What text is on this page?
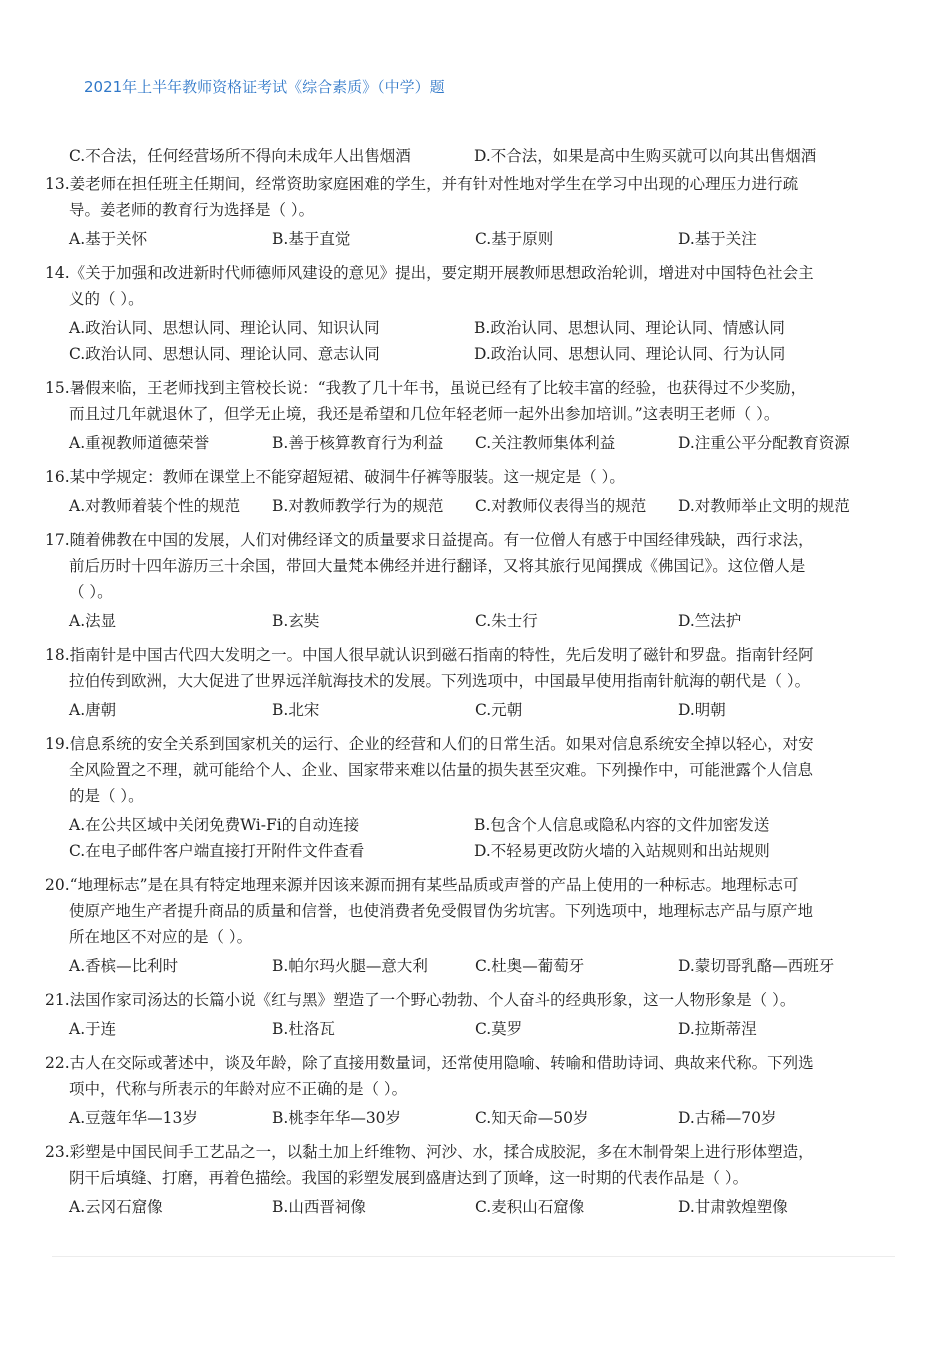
2021年上半年教师资格证考试《综合素质》（中学）题
C.不合法，任何经营场所不得向未成年人出售烟酒	D.不合法，如果是高中生购买就可以向其出售烟酒
13.姜老师在担任班主任期间，经常资助家庭困难的学生，并有针对性地对学生在学习中出现的心理压力进行疏
导。姜老师的教育行为选择是（ ）。
A.基于关怀	B.基于直觉	C.基于原则	D.基于关注
14.《关于加强和改进新时代师德师风建设的意见》提出，要定期开展教师思想政治轮训，增进对中国特色社会主
义的（ ）。
A.政治认同、思想认同、理论认同、知识认同	B.政治认同、思想认同、理论认同、情感认同
C.政治认同、思想认同、理论认同、意志认同	D.政治认同、思想认同、理论认同、行为认同
15.暑假来临，王老师找到主管校长说：“我教了几十年书，虽说已经有了比较丰富的经验，也获得过不少奖励，
而且过几年就退休了，但学无止境，我还是希望和几位年轻老师一起外出参加培训。”这表明王老师（ ）。
A.重视教师道德荣誉	B.善于核算教育行为利益	C.关注教师集体利益	D.注重公平分配教育资源
16.某中学规定：教师在课堂上不能穿超短裙、破洞牛仔裤等服装。这一规定是（ ）。
A.对教师着装个性的规范	B.对教师教学行为的规范	C.对教师仪表得当的规范	D.对教师举止文明的规范
17.随着佛教在中国的发展，人们对佛经译文的质量要求日益提高。有一位僧人有感于中国经律残缺，西行求法，
前后历时十四年游历三十余国，带回大量梵本佛经并进行翻译，又将其旅行见闻撰成《佛国记》。这位僧人是
（ ）。
A.法显	B.玄奘	C.朱士行	D.竺法护
18.指南针是中国古代四大发明之一。中国人很早就认识到磁石指南的特性，先后发明了磁针和罗盘。指南针经阿
拉伯传到欧洲，大大促进了世界远洋航海技术的发展。下列选项中，中国最早使用指南针航海的朝代是（ ）。
A.唐朝	B.北宋	C.元朝	D.明朝
19.信息系统的安全关系到国家机关的运行、企业的经营和人们的日常生活。如果对信息系统安全掉以轻心，对安
全风险置之不理，就可能给个人、企业、国家带来难以估量的损失甚至灾难。下列操作中，可能泄露个人信息
的是（ ）。
A.在公共区域中关闭免费Wi-Fi的自动连接	B.包含个人信息或隐私内容的文件加密发送
C.在电子邮件客户端直接打开附件文件查看	D.不轻易更改防火墙的入站规则和出站规则
20.“地理标志”是在具有特定地理来源并因该来源而拥有某些品质或声誉的产品上使用的一种标志。地理标志可
使原产地生产者提升商品的质量和信誉，也使消费者免受假冒伪劣坑害。下列选项中，地理标志产品与原产地
所在地区不对应的是（ ）。
A.香槟—比利时	B.帕尔玛火腿—意大利	C.杜奥—葡萄牙	D.蒙切哥乳酪—西班牙
21.法国作家司汤达的长篇小说《红与黑》塑造了一个野心勃勃、个人奋斗的经典形象，这一人物形象是（ ）。
A.于连	B.杜洛瓦	C.莫罗	D.拉斯蒂涅
22.古人在交际或著述中，谈及年龄，除了直接用数量词，还常使用隐喻、转喻和借助诗词、典故来代称。下列选
项中，代称与所表示的年龄对应不正确的是（ ）。
A.豆蔻年华—13岁	B.桃李年华—30岁	C.知天命—50岁	D.古稀—70岁
23.彩塑是中国民间手工艺品之一，以黏土加上纤维物、河沙、水，揉合成胶泥，多在木制骨架上进行形体塑造，
阴干后填缝、打磨，再着色描绘。我国的彩塑发展到盛唐达到了顶峰，这一时期的代表作品是（ ）。
A.云冈石窟像	B.山西晋祠像	C.麦积山石窟像	D.甘肃敦煌塑像
